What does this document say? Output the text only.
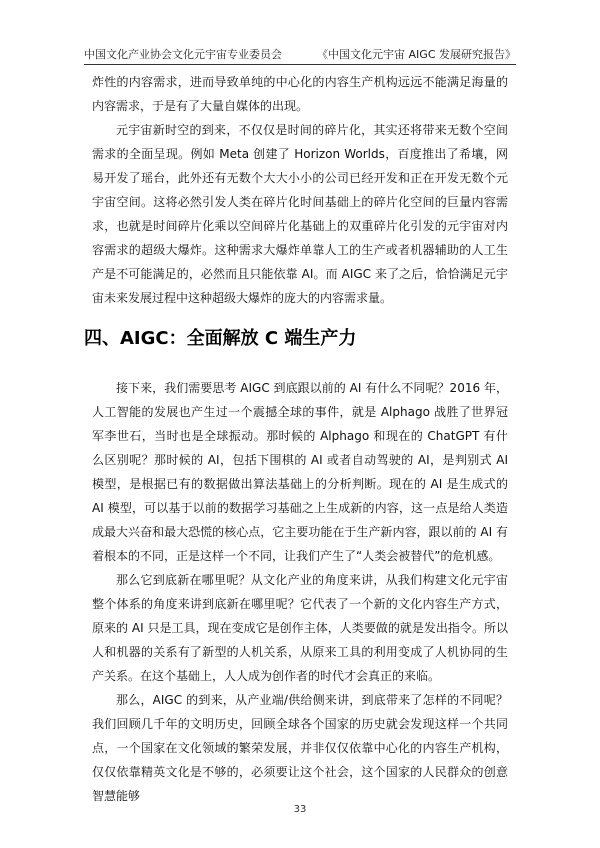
中国文化产业协会文化元宇宙专业委员会	《中国文化元宇宙 AIGC 发展研究报告》

炸性的内容需求，进而导致单纯的中心化的内容生产机构远远不能满足海量的内容需求，于是有了大量自媒体的出现。

元宇宙新时空的到来，不仅仅是时间的碎片化，其实还将带来无数个空间需求的全面呈现。例如 Meta 创建了 Horizon Worlds，百度推出了希壤，网易开发了瑶台，此外还有无数个大大小小的公司已经开发和正在开发无数个元宇宙空间。这将必然引发人类在碎片化时间基础上的碎片化空间的巨量内容需求，也就是时间碎片化乘以空间碎片化基础上的双重碎片化引发的元宇宙对内容需求的超级大爆炸。这种需求大爆炸单靠人工的生产或者机器辅助的人工生产是不可能满足的，必然而且只能依靠 AI。而 AIGC 来了之后，恰恰满足元宇宙未来发展过程中这种超级大爆炸的庞大的内容需求量。

四、AIGC：全面解放 C 端生产力

接下来，我们需要思考 AIGC 到底跟以前的 AI 有什么不同呢？2016 年，人工智能的发展也产生过一个震撼全球的事件，就是 Alphago 战胜了世界冠军李世石，当时也是全球振动。那时候的 Alphago 和现在的 ChatGPT 有什么区别呢？那时候的 AI，包括下围棋的 AI 或者自动驾驶的 AI，是判别式 AI 模型，是根据已有的数据做出算法基础上的分析判断。现在的 AI 是生成式的 AI 模型，可以基于以前的数据学习基础之上生成新的内容，这一点是给人类造成最大兴奋和最大恐慌的核心点，它主要功能在于生产新内容，跟以前的 AI 有着根本的不同，正是这样一个不同，让我们产生了“人类会被替代”的危机感。

那么它到底新在哪里呢？从文化产业的角度来讲，从我们构建文化元宇宙整个体系的角度来讲到底新在哪里呢？它代表了一个新的文化内容生产方式，原来的 AI 只是工具，现在变成它是创作主体，人类要做的就是发出指令。所以人和机器的关系有了新型的人机关系，从原来工具的利用变成了人机协同的生产关系。在这个基础上，人人成为创作者的时代才会真正的来临。

那么，AIGC 的到来，从产业端/供给侧来讲，到底带来了怎样的不同呢？我们回顾几千年的文明历史，回顾全球各个国家的历史就会发现这样一个共同点，一个国家在文化领域的繁荣发展，并非仅仅依靠中心化的内容生产机构，仅仅依靠精英文化是不够的，必须要让这个社会，这个国家的人民群众的创意智慧能够

33
